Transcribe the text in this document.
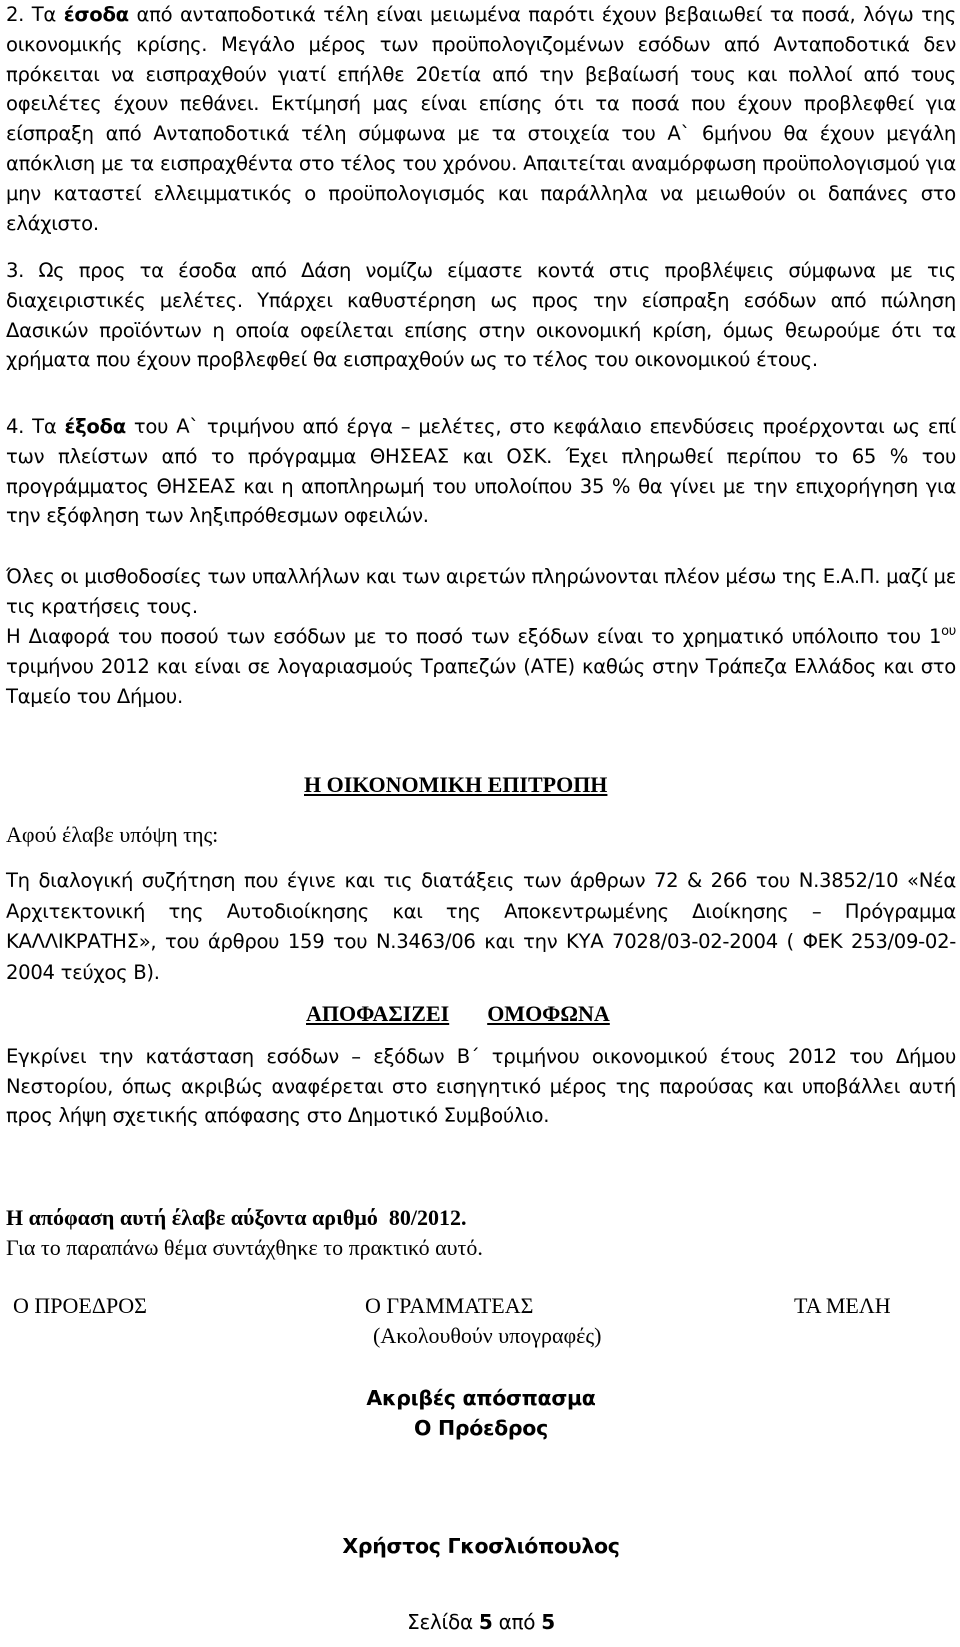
2. Τα έσοδα από ανταποδοτικά τέλη είναι μειωμένα παρότι έχουν βεβαιωθεί τα ποσά, λόγω της οικονομικής κρίσης. Μεγάλο μέρος των προϋπολογιζομένων εσόδων από Ανταποδοτικά δεν πρόκειται να εισπραχθούν γιατί επήλθε 20ετία από την βεβαίωσή τους και πολλοί από τους οφειλέτες έχουν πεθάνει. Εκτίμησή μας είναι επίσης ότι τα ποσά που έχουν προβλεφθεί για είσπραξη από Ανταποδοτικά τέλη σύμφωνα με τα στοιχεία του Α` 6μήνου θα έχουν μεγάλη απόκλιση με τα εισπραχθέντα στο τέλος του χρόνου. Απαιτείται αναμόρφωση προϋπολογισμού για μην καταστεί ελλειμματικός ο προϋπολογισμός και παράλληλα να μειωθούν οι δαπάνες στο ελάχιστο.

3. Ως προς τα έσοδα από Δάση νομίζω είμαστε κοντά στις προβλέψεις σύμφωνα με τις διαχειριστικές μελέτες. Υπάρχει καθυστέρηση ως προς την είσπραξη εσόδων από πώληση Δασικών προϊόντων η οποία οφείλεται επίσης στην οικονομική κρίση, όμως θεωρούμε ότι τα χρήματα που έχουν προβλεφθεί θα εισπραχθούν ως το τέλος του οικονομικού έτους.

4. Τα έξοδα του Α` τριμήνου από έργα – μελέτες, στο κεφάλαιο επενδύσεις προέρχονται ως επί των πλείστων από το πρόγραμμα ΘΗΣΕΑΣ και ΟΣΚ. Έχει πληρωθεί περίπου το 65 % του προγράμματος ΘΗΣΕΑΣ και η αποπληρωμή του υπολοίπου 35 % θα γίνει με την επιχορήγηση για την εξόφληση των ληξιπρόθεσμων οφειλών.

Όλες οι μισθοδοσίες των υπαλλήλων και των αιρετών πληρώνονται πλέον μέσω της Ε.Α.Π. μαζί με τις κρατήσεις τους.

Η Διαφορά του ποσού των εσόδων με το ποσό των εξόδων είναι το χρηματικό υπόλοιπο του $1^{o\upsilon}$ τριμήνου 2012 και είναι σε λογαριασμούς Τραπεζών (ΑΤΕ) καθώς στην Τράπεζα Ελλάδος και στο Ταμείο του Δήμου.

Η ΟΙΚΟΝΟΜΙΚΗ ΕΠΙΤΡΟΠΗ
Αφού έλαβε υπόψη της:

Τη διαλογική συζήτηση που έγινε και τις διατάξεις των άρθρων 72 & 266 του Ν.3852/10 «Νέα Αρχιτεκτονική της Αυτοδιοίκησης και της Αποκεντρωμένης Διοίκησης – Πρόγραμμα ΚΑΛΛΙΚΡΑΤΗΣ», του άρθρου 159 του Ν.3463/06 και την ΚΥΑ 7028/03-02-2004 ( ΦΕΚ 253/09-02-2004 τεύχος Β).

ΑΠΟΦΑΣΙΖΕΙ ΟΜΟΦΩΝΑ

Εγκρίνει την κατάσταση εσόδων – εξόδων Β΄ τριμήνου οικονομικού έτους 2012 του Δήμου Νεστορίου, όπως ακριβώς αναφέρεται στο εισηγητικό μέρος της παρούσας και υποβάλλει αυτή προς λήψη σχετικής απόφασης στο Δημοτικό Συμβούλιο.

Η απόφαση αυτή έλαβε αύξοντα αριθμό  80/2012.
Για το παραπάνω θέμα συντάχθηκε το πρακτικό αυτό.
Ο ΠΡΟΕΔΡΟΣ	Ο ΓΡΑΜΜΑΤΕΑΣ	ΤΑ ΜΕΛΗ
(Ακολουθούν υπογραφές)
Ακριβές απόσπασμα
Ο Πρόεδρος
Χρήστος Γκοσλιόπουλος
Σελίδα 5 από 5
